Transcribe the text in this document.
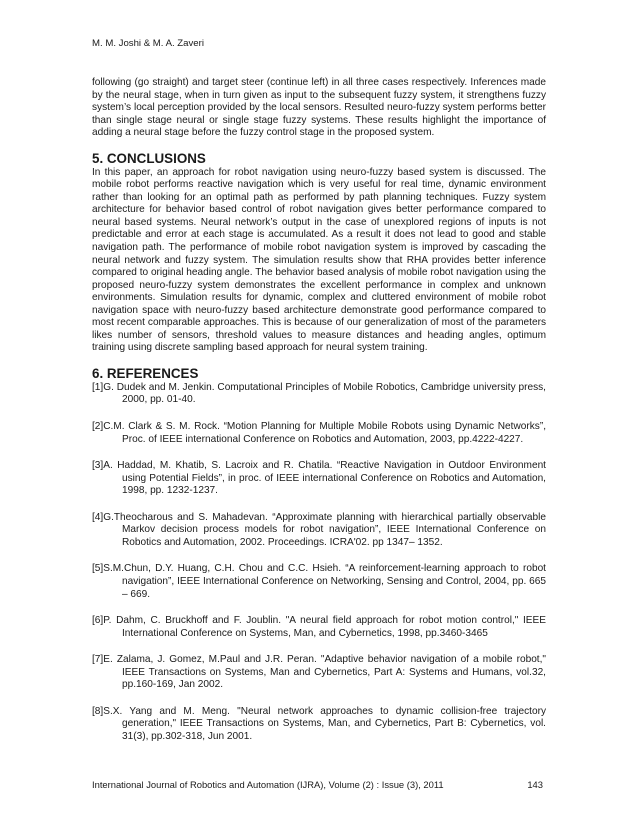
M. M. Joshi & M. A. Zaveri

following (go straight) and target steer (continue left) in all three cases respectively. Inferences made by the neural stage, when in turn given as input to the subsequent fuzzy system, it strengthens fuzzy system’s local perception provided by the local sensors. Resulted neuro-fuzzy system performs better than single stage neural or single stage fuzzy systems. These results highlight the importance of adding a neural stage before the fuzzy control stage in the proposed system.

5. CONCLUSIONS

In this paper, an approach for robot navigation using neuro-fuzzy based system is discussed. The mobile robot performs reactive navigation which is very useful for real time, dynamic environment rather than looking for an optimal path as performed by path planning techniques. Fuzzy system architecture for behavior based control of robot navigation gives better performance compared to neural based systems. Neural network’s output in the case of unexplored regions of inputs is not predictable and error at each stage is accumulated. As a result it does not lead to good and stable navigation path. The performance of mobile robot navigation system is improved by cascading the neural network and fuzzy system. The simulation results show that RHA provides better inference compared to original heading angle. The behavior based analysis of mobile robot navigation using the proposed neuro-fuzzy system demonstrates the excellent performance in complex and unknown environments. Simulation results for dynamic, complex and cluttered environment of mobile robot navigation space with neuro-fuzzy based architecture demonstrate good performance compared to most recent comparable approaches. This is because of our generalization of most of the parameters likes number of sensors, threshold values to measure distances and heading angles, optimum training using discrete sampling based approach for neural system training.

6. REFERENCES
[1]G. Dudek and M. Jenkin. Computational Principles of Mobile Robotics, Cambridge university press, 2000, pp. 01-40.
[2]C.M. Clark & S. M. Rock. “Motion Planning for Multiple Mobile Robots using Dynamic Networks”, Proc. of IEEE international Conference on Robotics and Automation, 2003, pp.4222-4227.
[3]A. Haddad, M. Khatib, S. Lacroix and R. Chatila. “Reactive Navigation in Outdoor Environment using Potential Fields”, in proc. of IEEE international Conference on Robotics and Automation, 1998, pp. 1232-1237.
[4]G.Theocharous and S. Mahadevan. “Approximate planning with hierarchical partially observable Markov decision process models for robot navigation”, IEEE International Conference on Robotics and Automation, 2002. Proceedings. ICRA'02. pp 1347– 1352.
[5]S.M.Chun, D.Y. Huang, C.H. Chou and C.C. Hsieh. “A reinforcement-learning approach to robot navigation”, IEEE International Conference on Networking, Sensing and Control, 2004, pp. 665 – 669.
[6]P. Dahm, C. Bruckhoff and F. Joublin. "A neural field approach for robot motion control," IEEE International Conference on Systems, Man, and Cybernetics, 1998, pp.3460-3465
[7]E. Zalama, J. Gomez, M.Paul and J.R. Peran. "Adaptive behavior navigation of a mobile robot," IEEE Transactions on Systems, Man and Cybernetics, Part A: Systems and Humans, vol.32, pp.160-169, Jan 2002.
[8]S.X. Yang and M. Meng. "Neural network approaches to dynamic collision-free trajectory generation," IEEE Transactions on Systems, Man, and Cybernetics, Part B: Cybernetics, vol. 31(3), pp.302-318, Jun 2001.
International Journal of Robotics and Automation (IJRA), Volume (2) : Issue (3), 2011	143
